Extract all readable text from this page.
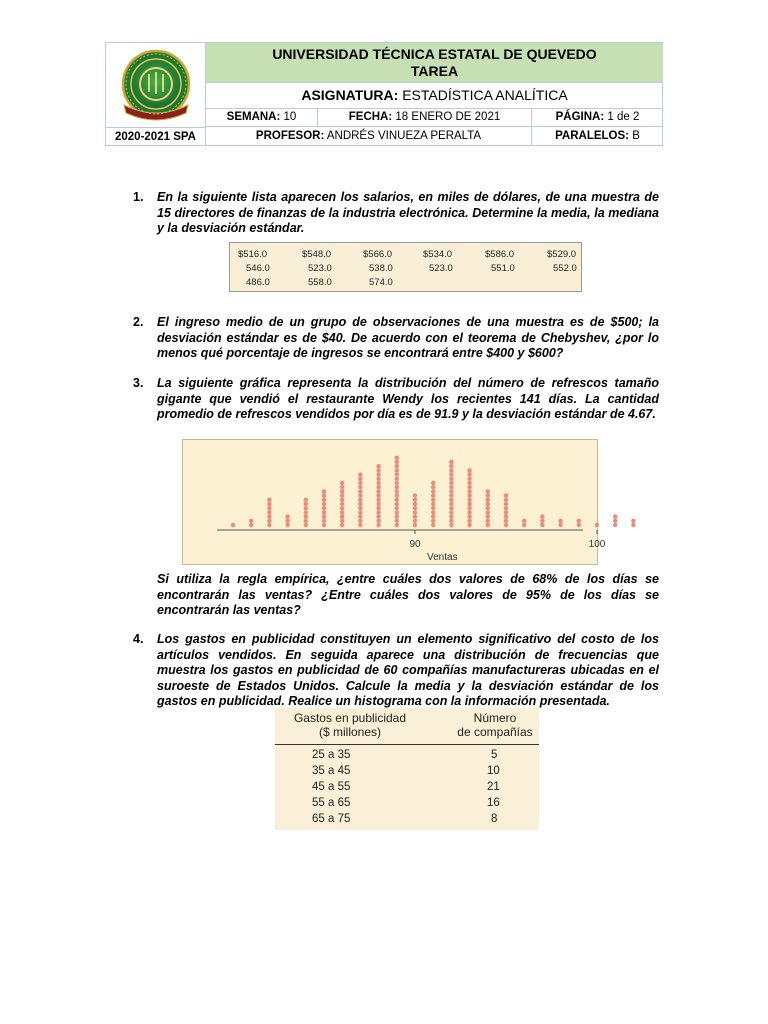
2020-2021 SPA
UNIVERSIDAD TÉCNICA ESTATAL DE QUEVEDO
TAREA
ASIGNATURA: ESTADÍSTICA ANALÍTICA
SEMANA: 10	FECHA: 18 ENERO DE 2021	PÁGINA: 1 de 2
PROFESOR: ANDRÉS VINUEZA PERALTA	PARALELOS: B
1. En la siguiente lista aparecen los salarios, en miles de dólares, de una muestra de 15 directores de finanzas de la industria electrónica. Determine la media, la mediana y la desviación estándar.
$516.0	$548.0	$566.0	$534.0	$586.0	$529.0
546.0	523.0	538.0	523.0	551.0	552.0
486.0	558.0	574.0
2. El ingreso medio de un grupo de observaciones de una muestra es de $500; la desviación estándar es de $40. De acuerdo con el teorema de Chebyshev, ¿por lo menos qué porcentaje de ingresos se encontrará entre $400 y $600?
3. La siguiente gráfica representa la distribución del número de refrescos tamaño gigante que vendió el restaurante Wendy los recientes 141 días. La cantidad promedio de refrescos vendidos por día es de 91.9 y la desviación estándar de 4.67.
90	100
Ventas
Si utiliza la regla empírica, ¿entre cuáles dos valores de 68% de los días se encontrarán las ventas? ¿Entre cuáles dos valores de 95% de los días se encontrarán las ventas?
4. Los gastos en publicidad constituyen un elemento significativo del costo de los artículos vendidos. En seguida aparece una distribución de frecuencias que muestra los gastos en publicidad de 60 compañías manufactureras ubicadas en el suroeste de Estados Unidos. Calcule la media y la desviación estándar de los gastos en publicidad. Realice un histograma con la información presentada.
Gastos en publicidad
($ millones)
Número
de compañías
25 a 35	5
35 a 45	10
45 a 55	21
55 a 65	16
65 a 75	8
